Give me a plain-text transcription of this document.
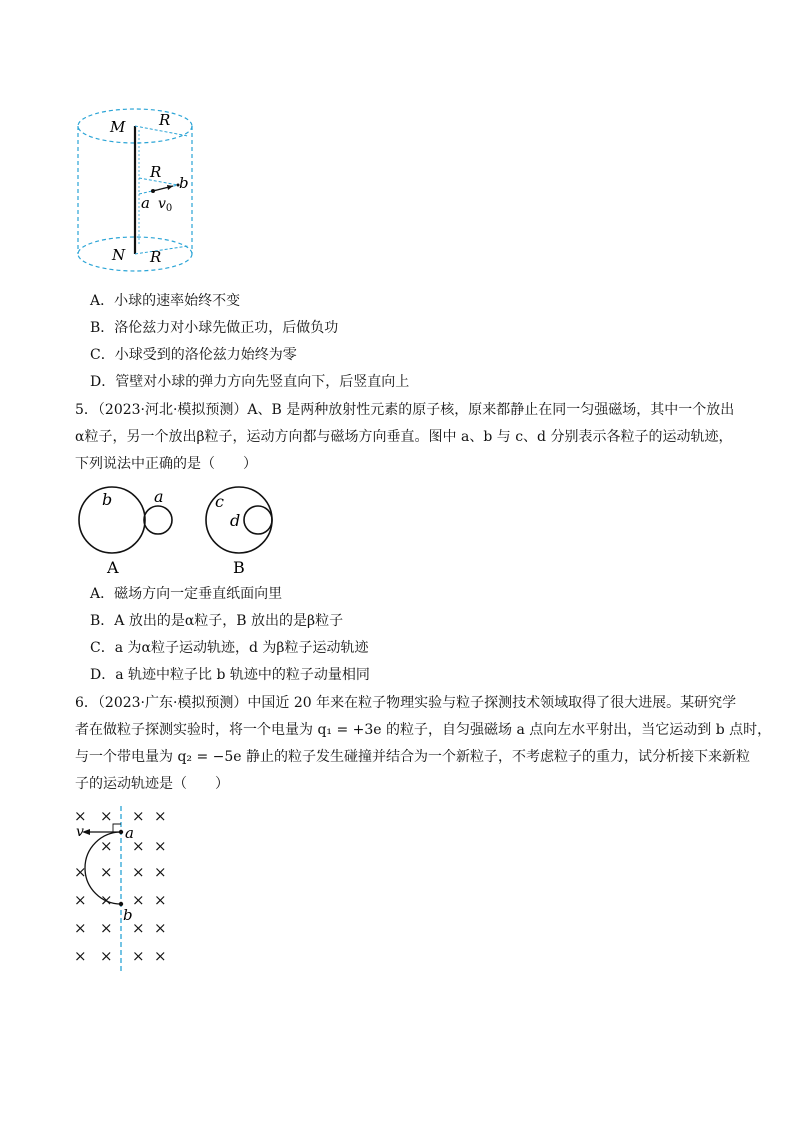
M
N
R
R
R
a
b
$v_0$
A．小球的速率始终不变
B．洛伦兹力对小球先做正功，后做负功
C．小球受到的洛伦兹力始终为零
D．管壁对小球的弹力方向先竖直向下，后竖直向上
5．（2023·河北·模拟预测）A、B 是两种放射性元素的原子核，原来都静止在同一匀强磁场，其中一个放出
α粒子，另一个放出β粒子，运动方向都与磁场方向垂直。图中 a、b 与 c、d 分别表示各粒子的运动轨迹，
下列说法中正确的是（　　）
b	a	c
d
A	B
A．磁场方向一定垂直纸面向里
B．A 放出的是α粒子，B 放出的是β粒子
C．a 为α粒子运动轨迹，d 为β粒子运动轨迹
D．a 轨迹中粒子比 b 轨迹中的粒子动量相同
6．（2023·广东·模拟预测）中国近 20 年来在粒子物理实验与粒子探测技术领域取得了很大进展。某研究学
者在做粒子探测实验时，将一个电量为 q₁ = +3e 的粒子，自匀强磁场 a 点向左水平射出，当它运动到 b 点时，
与一个带电量为 q₂ = −5e 静止的粒子发生碰撞并结合为一个新粒子，不考虑粒子的重力，试分析接下来新粒
子的运动轨迹是（　　）
× × × ×
× × ×
× × × ×
× × × ×
× × × ×
× × × ×
v	a
b
